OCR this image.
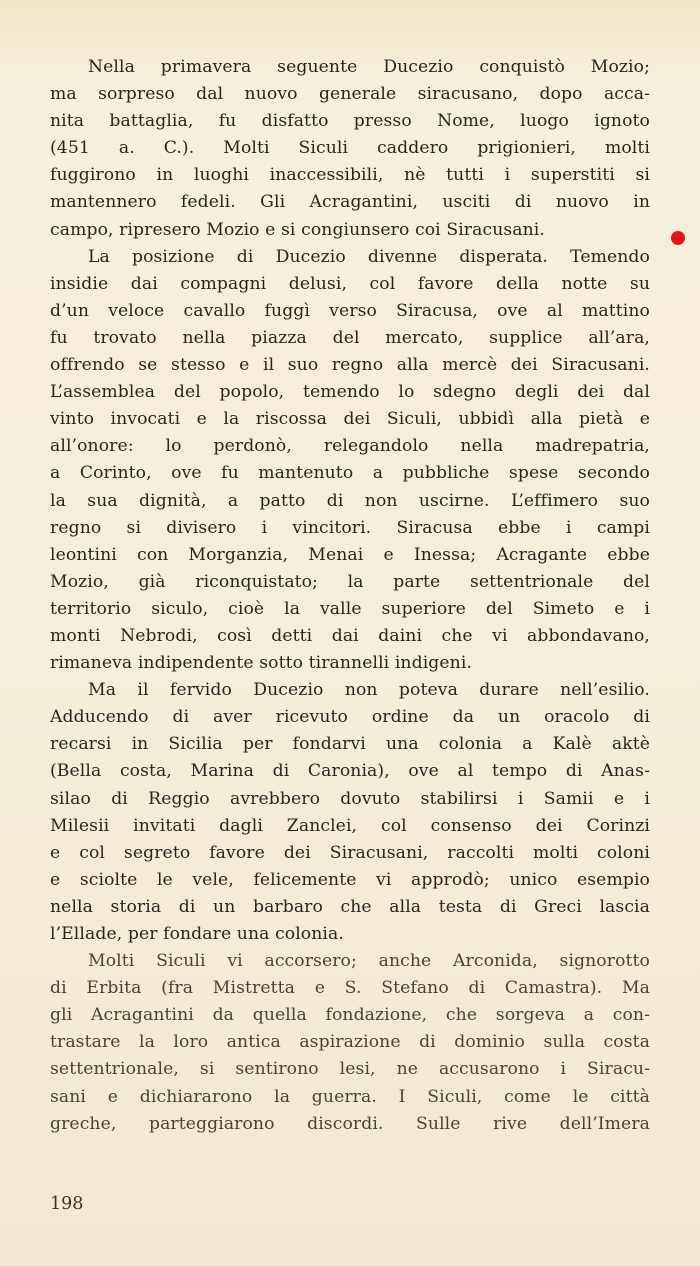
Nella primavera seguente Ducezio conquistò Mozio;
ma sorpreso dal nuovo generale siracusano, dopo acca-
nita battaglia, fu disfatto presso Nome, luogo ignoto
(451 a. C.). Molti Siculi caddero prigionieri, molti
fuggirono in luoghi inaccessibili, nè tutti i superstiti si
mantennero fedeli. Gli Acragantini, usciti di nuovo in
campo, ripresero Mozio e si congiunsero coi Siracusani.
La posizione di Ducezio divenne disperata. Temendo
insidie dai compagni delusi, col favore della notte su
d’un veloce cavallo fuggì verso Siracusa, ove al mattino
fu trovato nella piazza del mercato, supplice all’ara,
offrendo se stesso e il suo regno alla mercè dei Siracusani.
L’assemblea del popolo, temendo lo sdegno degli dei dal
vinto invocati e la riscossa dei Siculi, ubbidì alla pietà e
all’onore: lo perdonò, relegandolo nella madrepatria,
a Corinto, ove fu mantenuto a pubbliche spese secondo
la sua dignità, a patto di non uscirne. L’effimero suo
regno si divisero i vincitori. Siracusa ebbe i campi
leontini con Morganzia, Menai e Inessa; Acragante ebbe
Mozio, già riconquistato; la parte settentrionale del
territorio siculo, cioè la valle superiore del Simeto e i
monti Nebrodi, così detti dai daini che vi abbondavano,
rimaneva indipendente sotto tirannelli indigeni.
Ma il fervido Ducezio non poteva durare nell’esilio.
Adducendo di aver ricevuto ordine da un oracolo di
recarsi in Sicilia per fondarvi una colonia a Kalè aktè
(Bella costa, Marina di Caronia), ove al tempo di Anas-
silao di Reggio avrebbero dovuto stabilirsi i Samii e i
Milesii invitati dagli Zanclei, col consenso dei Corinzi
e col segreto favore dei Siracusani, raccolti molti coloni
e sciolte le vele, felicemente vi approdò; unico esempio
nella storia di un barbaro che alla testa di Greci lascia
l’Ellade, per fondare una colonia.
Molti Siculi vi accorsero; anche Arconida, signorotto
di Erbita (fra Mistretta e S. Stefano di Camastra). Ma
gli Acragantini da quella fondazione, che sorgeva a con-
trastare la loro antica aspirazione di dominio sulla costa
settentrionale, si sentirono lesi, ne accusarono i Siracu-
sani e dichiararono la guerra. I Siculi, come le città
greche, parteggiarono discordi. Sulle rive dell’Imera
198
